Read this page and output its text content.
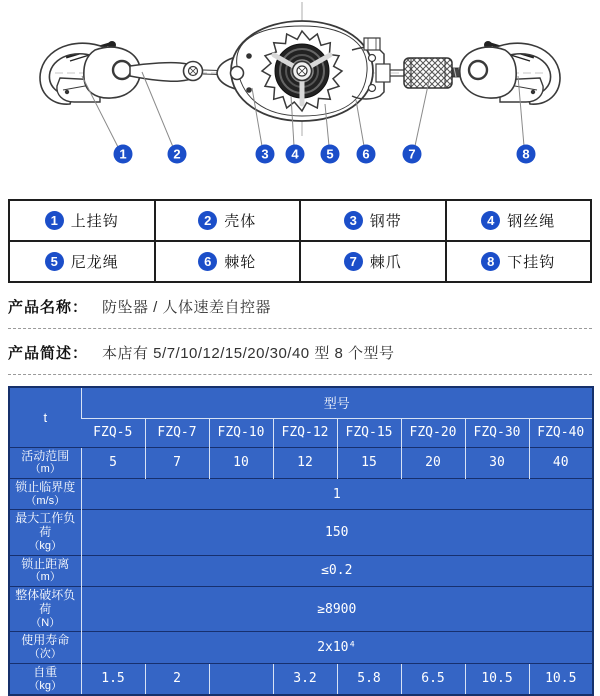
1	2	3	4	5	6	7	8
1 上挂钩	2 壳体	3 钢带	4 钢丝绳

5 尼龙绳	6 棘轮	7 棘爪	8 下挂钩
产品名称： 防坠器 / 人体速差自控器
产品简述： 本店有 5/7/10/12/15/20/30/40 型 8 个型号
t	型号							
	FZQ-5	FZQ-7	FZQ-10	FZQ-12	FZQ-15	FZQ-20	FZQ-30	FZQ-40
活动范围
（m）	5	7	10	12	15	20	30	40
锁止临界度
（m/s）	1							
最大工作负荷
（kg）	150							
锁止距离
（m）	≤0.2							
整体破坏负荷
（N）	≥8900							
使用寿命
（次）	2x10⁴							
自重
（kg）	1.5	2		3.2	5.8	6.5	10.5	10.5
